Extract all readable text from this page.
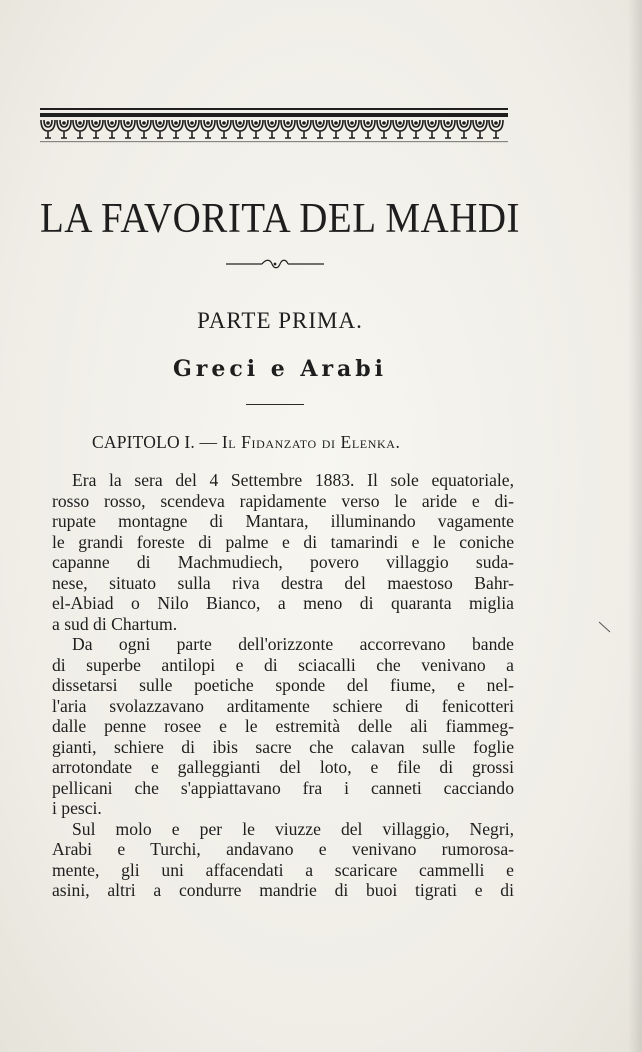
LA FAVORITA DEL MAHDI
PARTE PRIMA.
Greci e Arabi
CAPITOLO I. — Il Fidanzato di Elenka.
Era la sera del 4 Settembre 1883. Il sole equatoriale,
rosso rosso, scendeva rapidamente verso le aride e di-
rupate montagne di Mantara, illuminando vagamente
le grandi foreste di palme e di tamarindi e le coniche
capanne di Machmudiech, povero villaggio suda-
nese, situato sulla riva destra del maestoso Bahr-
el-Abiad o Nilo Bianco, a meno di quaranta miglia
a sud di Chartum.
Da ogni parte dell'orizzonte accorrevano bande
di superbe antilopi e di sciacalli che venivano a
dissetarsi sulle poetiche sponde del fiume, e nel-
l'aria svolazzavano arditamente schiere di fenicotteri
dalle penne rosee e le estremità delle ali fiammeg-
gianti, schiere di ibis sacre che calavan sulle foglie
arrotondate e galleggianti del loto, e file di grossi
pellicani che s'appiattavano fra i canneti cacciando
i pesci.
Sul molo e per le viuzze del villaggio, Negri,
Arabi e Turchi, andavano e venivano rumorosa-
mente, gli uni affacendati a scaricare cammelli e
asini, altri a condurre mandrie di buoi tigrati e di
